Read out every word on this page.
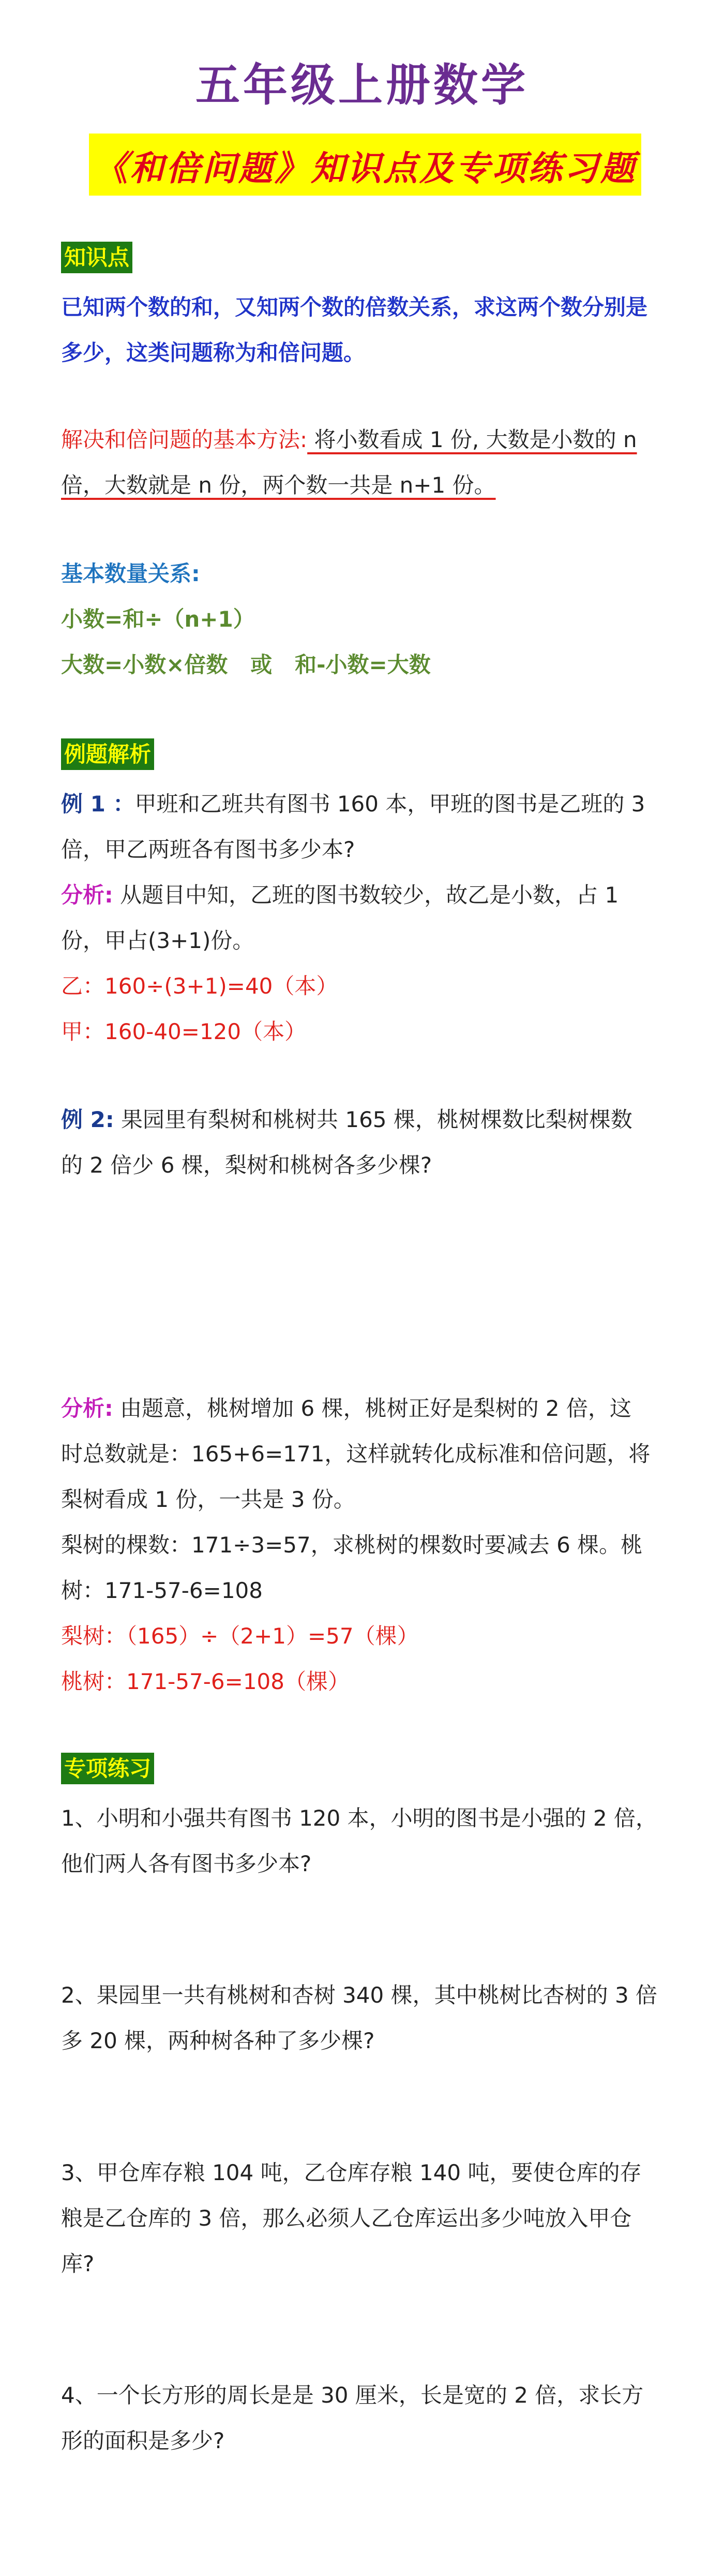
五年级上册数学
《和倍问题》知识点及专项练习题
知识点
已知两个数的和，又知两个数的倍数关系，求这两个数分别是
多少，这类问题称为和倍问题。
解决和倍问题的基本方法: 将小数看成 1 份, 大数是小数的 n
倍，大数就是 n 份，两个数一共是 n+1 份。
基本数量关系:
小数=和÷（n+1）
大数=小数×倍数   或   和-小数=大数
例题解析
例 1 ：甲班和乙班共有图书 160 本，甲班的图书是乙班的 3
倍，甲乙两班各有图书多少本?
分析: 从题目中知，乙班的图书数较少，故乙是小数，占 1
份，甲占(3+1)份。
乙：160÷(3+1)=40（本）
甲：160-40=120（本）
例 2: 果园里有梨树和桃树共 165 棵，桃树棵数比梨树棵数
的 2 倍少 6 棵，梨树和桃树各多少棵?
分析: 由题意，桃树增加 6 棵，桃树正好是梨树的 2 倍，这
时总数就是：165+6=171，这样就转化成标准和倍问题，将
梨树看成 1 份，一共是 3 份。
梨树的棵数：171÷3=57，求桃树的棵数时要减去 6 棵。桃
树：171-57-6=108
梨树：（165）÷（2+1）=57（棵）
桃树：171-57-6=108（棵）
专项练习
1、小明和小强共有图书 120 本，小明的图书是小强的 2 倍，
他们两人各有图书多少本?
2、果园里一共有桃树和杏树 340 棵，其中桃树比杏树的 3 倍
多 20 棵，两种树各种了多少棵?
3、甲仓库存粮 104 吨，乙仓库存粮 140 吨，要使仓库的存
粮是乙仓库的 3 倍，那么必须人乙仓库运出多少吨放入甲仓
库?
4、一个长方形的周长是是 30 厘米，长是宽的 2 倍，求长方
形的面积是多少?
